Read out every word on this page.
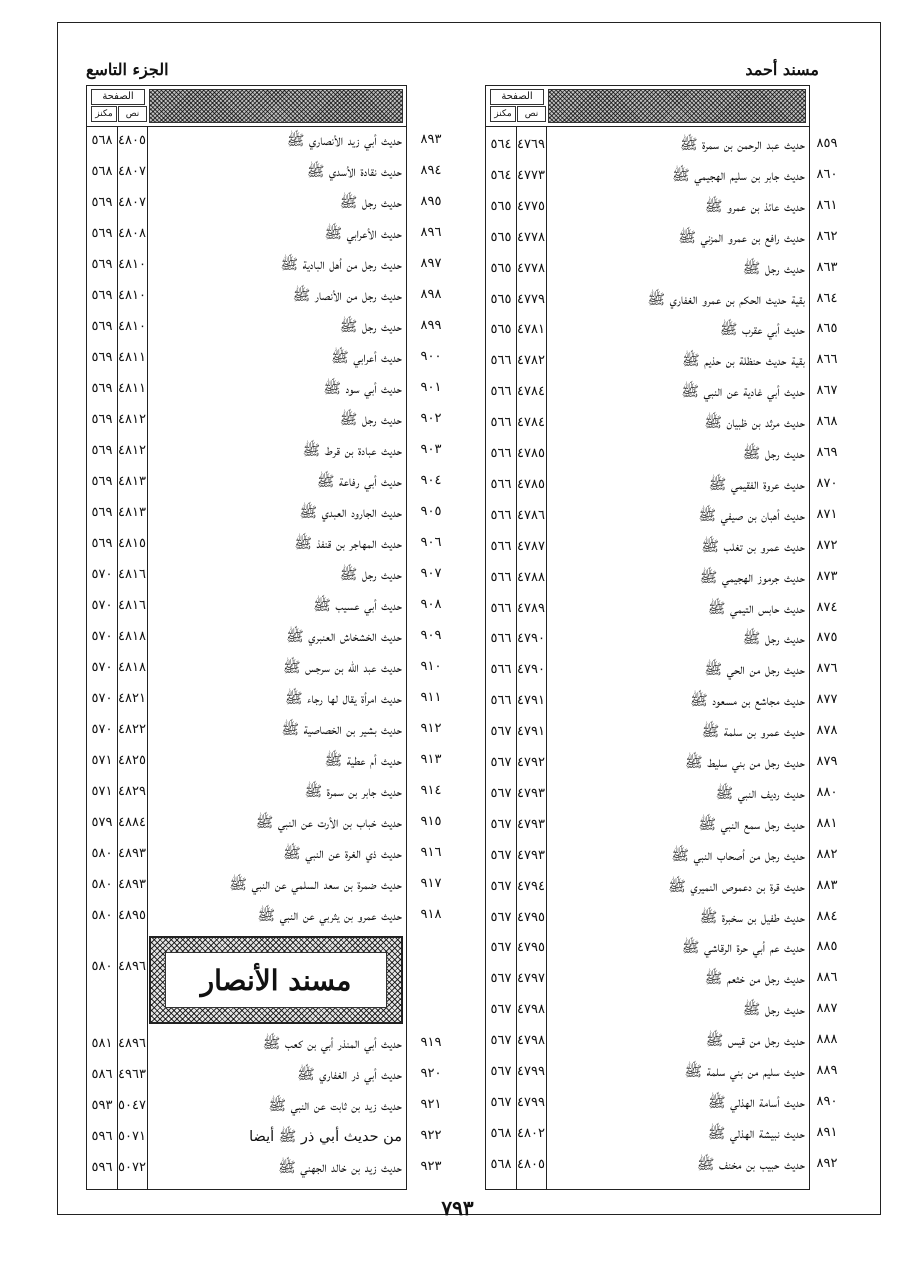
مسند أحمد
الجزء التاسع
الصفحة
مكنز	نص
مسند الأنصار
٤٨٩٦
٥٨٠
حديث أبي زيد الأنصاري ﷺ
٤٨٠٥
٥٦٨
حديث نقادة الأسدي ﷺ
٤٨٠٧
٥٦٨
حديث رجل ﷺ
٤٨٠٧
٥٦٩
حديث الأعرابي ﷺ
٤٨٠٨
٥٦٩
حديث رجل من أهل البادية ﷺ
٤٨١٠
٥٦٩
حديث رجل من الأنصار ﷺ
٤٨١٠
٥٦٩
حديث رجل ﷺ
٤٨١٠
٥٦٩
حديث أعرابي ﷺ
٤٨١١
٥٦٩
حديث أبي سود ﷺ
٤٨١١
٥٦٩
حديث رجل ﷺ
٤٨١٢
٥٦٩
حديث عبادة بن قرط ﷺ
٤٨١٢
٥٦٩
حديث أبي رفاعة ﷺ
٤٨١٣
٥٦٩
حديث الجارود العبدي ﷺ
٤٨١٣
٥٦٩
حديث المهاجر بن قنفذ ﷺ
٤٨١٥
٥٦٩
حديث رجل ﷺ
٤٨١٦
٥٧٠
حديث أبي عسيب ﷺ
٤٨١٦
٥٧٠
حديث الخشخاش العنبري ﷺ
٤٨١٨
٥٧٠
حديث عبد الله بن سرجس ﷺ
٤٨١٨
٥٧٠
حديث امرأة يقال لها رجاء ﷺ
٤٨٢١
٥٧٠
حديث بشير بن الخصاصية ﷺ
٤٨٢٢
٥٧٠
حديث أم عطية ﷺ
٤٨٢٥
٥٧١
حديث جابر بن سمرة ﷺ
٤٨٢٩
٥٧١
حديث خباب بن الأرت عن النبي ﷺ
٤٨٨٤
٥٧٩
حديث ذي الغرة عن النبي ﷺ
٤٨٩٣
٥٨٠
حديث ضمرة بن سعد السلمي عن النبي ﷺ
٤٨٩٣
٥٨٠
حديث عمرو بن يثربي عن النبي ﷺ
٤٨٩٥
٥٨٠
حديث أبي المنذر أبي بن كعب ﷺ
٤٨٩٦
٥٨١
حديث أبي ذر الغفاري ﷺ
٤٩٦٣
٥٨٦
حديث زيد بن ثابت عن النبي ﷺ
٥٠٤٧
٥٩٣
من حديث أبي ذر ﷺ أيضا
٥٠٧١
٥٩٦
حديث زيد بن خالد الجهني ﷺ
٥٠٧٢
٥٩٦
الصفحة
مكنز	نص
حديث عبد الرحمن بن سمرة ﷺ
٤٧٦٩
٥٦٤
حديث جابر بن سليم الهجيمي ﷺ
٤٧٧٣
٥٦٤
حديث عائذ بن عمرو ﷺ
٤٧٧٥
٥٦٥
حديث رافع بن عمرو المزني ﷺ
٤٧٧٨
٥٦٥
حديث رجل ﷺ
٤٧٧٨
٥٦٥
بقية حديث الحكم بن عمرو الغفاري ﷺ
٤٧٧٩
٥٦٥
حديث أبي عقرب ﷺ
٤٧٨١
٥٦٥
بقية حديث حنظلة بن حذيم ﷺ
٤٧٨٢
٥٦٦
حديث أبي غادية عن النبي ﷺ
٤٧٨٤
٥٦٦
حديث مرثد بن ظبيان ﷺ
٤٧٨٤
٥٦٦
حديث رجل ﷺ
٤٧٨٥
٥٦٦
حديث عروة الفقيمي ﷺ
٤٧٨٥
٥٦٦
حديث أهبان بن صيفي ﷺ
٤٧٨٦
٥٦٦
حديث عمرو بن تغلب ﷺ
٤٧٨٧
٥٦٦
حديث جرموز الهجيمي ﷺ
٤٧٨٨
٥٦٦
حديث حابس التيمي ﷺ
٤٧٨٩
٥٦٦
حديث رجل ﷺ
٤٧٩٠
٥٦٦
حديث رجل من الحي ﷺ
٤٧٩٠
٥٦٦
حديث مجاشع بن مسعود ﷺ
٤٧٩١
٥٦٦
حديث عمرو بن سلمة ﷺ
٤٧٩١
٥٦٧
حديث رجل من بني سليط ﷺ
٤٧٩٢
٥٦٧
حديث رديف النبي ﷺ
٤٧٩٣
٥٦٧
حديث رجل سمع النبي ﷺ
٤٧٩٣
٥٦٧
حديث رجل من أصحاب النبي ﷺ
٤٧٩٣
٥٦٧
حديث قرة بن دعموص النميري ﷺ
٤٧٩٤
٥٦٧
حديث طفيل بن سخبرة ﷺ
٤٧٩٥
٥٦٧
حديث عم أبي حرة الرقاشي ﷺ
٤٧٩٥
٥٦٧
حديث رجل من خثعم ﷺ
٤٧٩٧
٥٦٧
حديث رجل ﷺ
٤٧٩٨
٥٦٧
حديث رجل من قيس ﷺ
٤٧٩٨
٥٦٧
حديث سليم من بني سلمة ﷺ
٤٧٩٩
٥٦٧
حديث أسامة الهذلي ﷺ
٤٧٩٩
٥٦٧
حديث نبيشة الهذلي ﷺ
٤٨٠٢
٥٦٨
حديث حبيب بن مخنف ﷺ
٤٨٠٥
٥٦٨
٧٩٣
٨٩٣
٨٩٤
٨٩٥
٨٩٦
٨٩٧
٨٩٨
٨٩٩
٩٠٠
٩٠١
٩٠٢
٩٠٣
٩٠٤
٩٠٥
٩٠٦
٩٠٧
٩٠٨
٩٠٩
٩١٠
٩١١
٩١٢
٩١٣
٩١٤
٩١٥
٩١٦
٩١٧
٩١٨
٩١٩
٩٢٠
٩٢١
٩٢٢
٩٢٣
٨٥٩
٨٦٠
٨٦١
٨٦٢
٨٦٣
٨٦٤
٨٦٥
٨٦٦
٨٦٧
٨٦٨
٨٦٩
٨٧٠
٨٧١
٨٧٢
٨٧٣
٨٧٤
٨٧٥
٨٧٦
٨٧٧
٨٧٨
٨٧٩
٨٨٠
٨٨١
٨٨٢
٨٨٣
٨٨٤
٨٨٥
٨٨٦
٨٨٧
٨٨٨
٨٨٩
٨٩٠
٨٩١
٨٩٢
